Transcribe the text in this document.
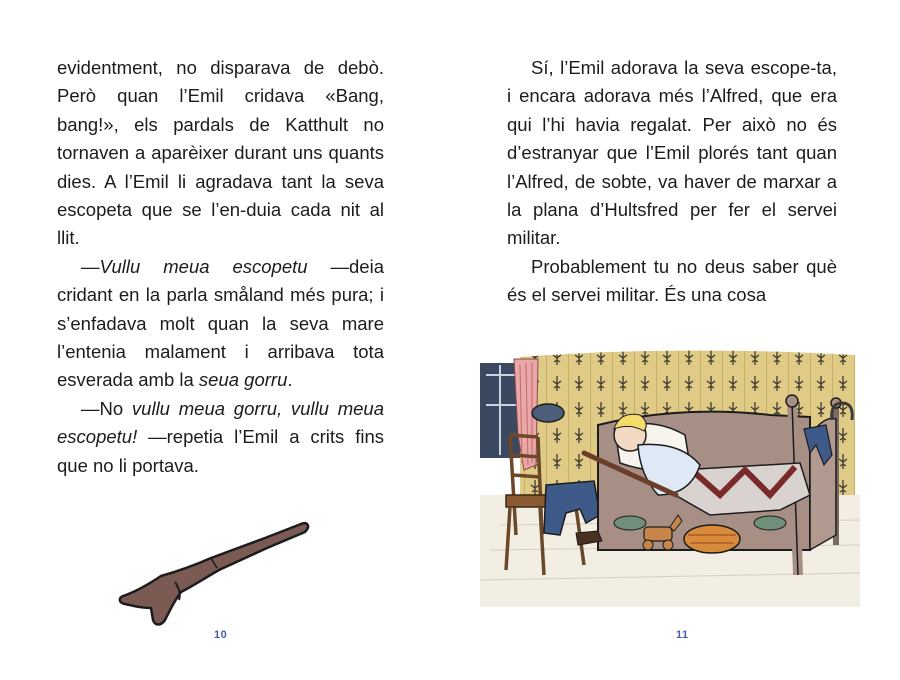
evidentment, no disparava de debò. Però quan l’Emil cridava «Bang, bang!», els pardals de Katthult no tornaven a aparèixer durant uns quants dies. A l’Emil li agradava tant la seva escopeta que se l’en-duia cada nit al llit.

—Vullu meua escopetu —deia cridant en la parla småland més pura; i s’enfadava molt quan la seva mare l’entenia malament i arribava tota esverada amb la seua gorru.

—No vullu meua gorru, vullu meua escopetu! —repetia l’Emil a crits fins que no li portava.

10

Sí, l’Emil adorava la seva escope-ta, i encara adorava més l’Alfred, que era qui l’hi havia regalat. Per això no és d’estranyar que l’Emil plorés tant quan l’Alfred, de sobte, va haver de marxar a la plana d’Hultsfred per fer el servei militar.

Probablement tu no deus saber què és el servei militar. És una cosa

11
